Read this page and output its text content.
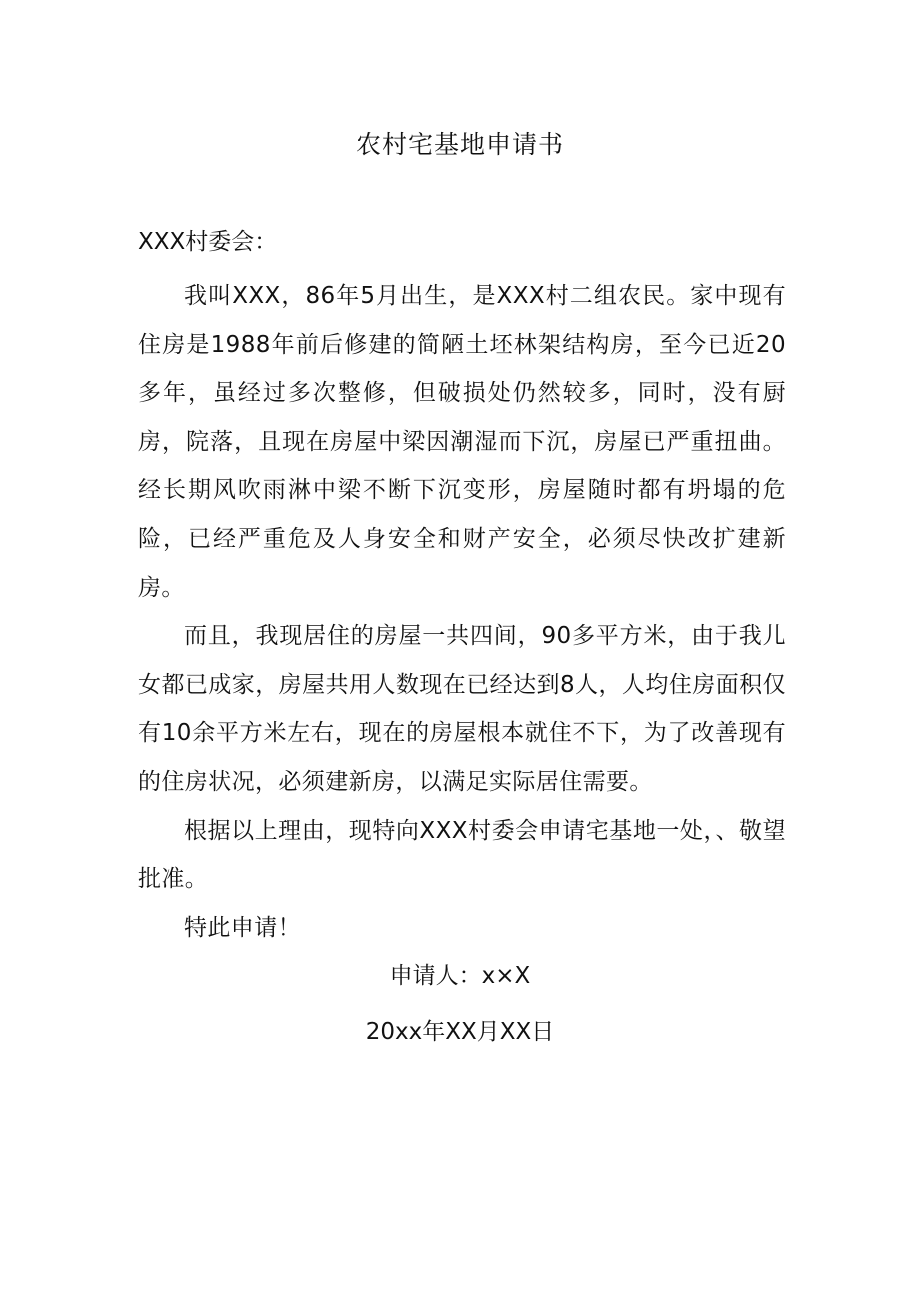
农村宅基地申请书
XXX村委会：

我叫XXX，86年5月出生，是XXX村二组农民。家中现有住房是1988年前后修建的简陋土坯林架结构房，至今已近20多年，虽经过多次整修，但破损处仍然较多，同时，没有厨房，院落，且现在房屋中梁因潮湿而下沉，房屋已严重扭曲。经长期风吹雨淋中梁不断下沉变形，房屋随时都有坍塌的危险，已经严重危及人身安全和财产安全，必须尽快改扩建新房。

而且，我现居住的房屋一共四间，90多平方米，由于我儿女都已成家，房屋共用人数现在已经达到8人，人均住房面积仅有10余平方米左右，现在的房屋根本就住不下，为了改善现有的住房状况，必须建新房，以满足实际居住需要。

根据以上理由，现特向XXX村委会申请宅基地一处，、敬望批准。

特此申请！

申请人：x×X
20xx年XX月XX日
